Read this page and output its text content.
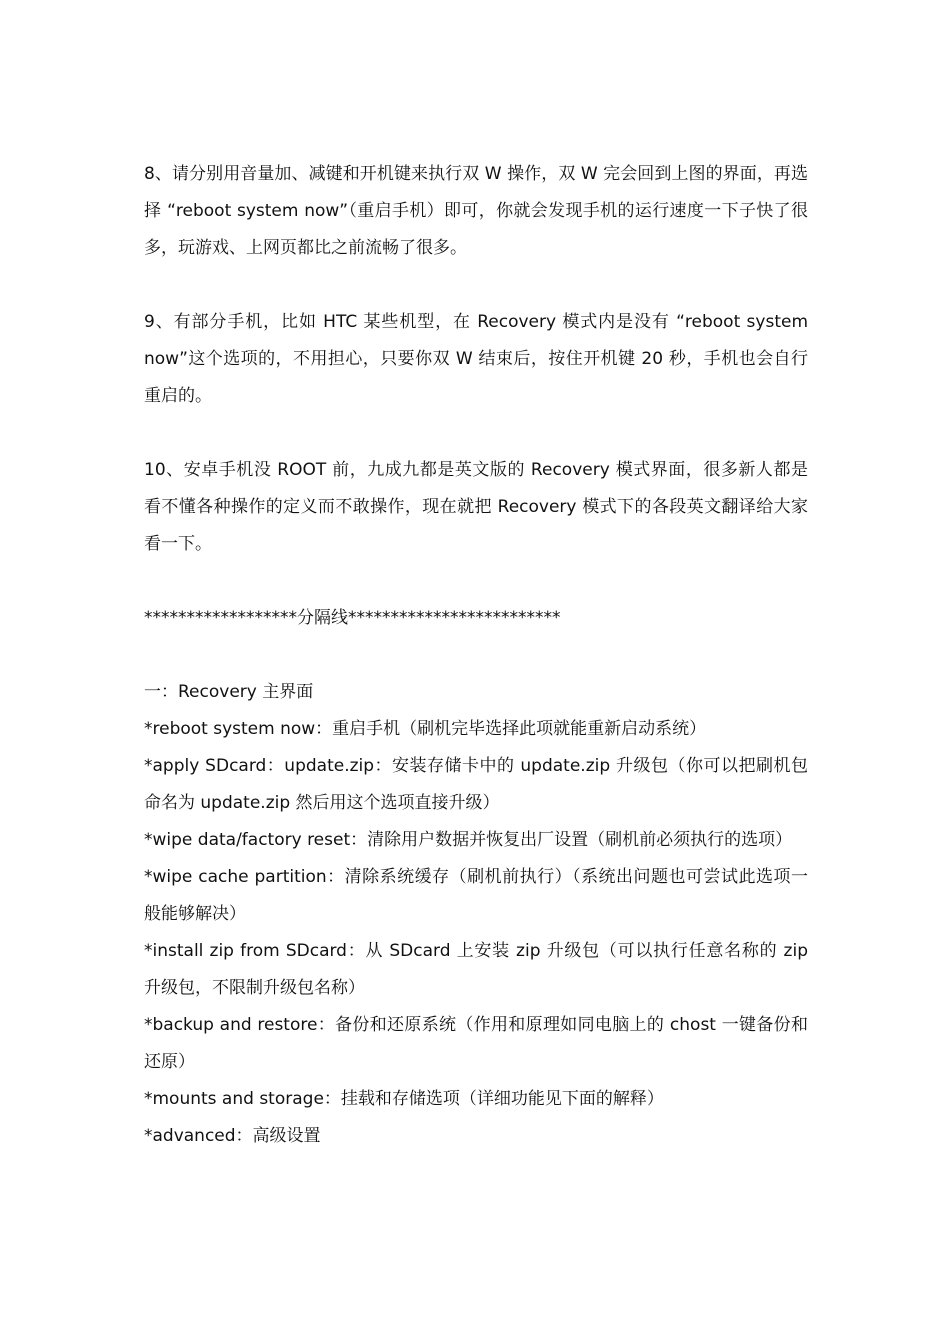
8、请分别用音量加、减键和开机键来执行双 W 操作，双 W 完会回到上图的界面，再选择 “reboot system now”（重启手机）即可，你就会发现手机的运行速度一下子快了很多，玩游戏、上网页都比之前流畅了很多。

9、有部分手机，比如 HTC 某些机型，在 Recovery 模式内是没有 “reboot system now”这个选项的，不用担心，只要你双 W 结束后，按住开机键 20 秒，手机也会自行重启的。

10、安卓手机没 ROOT 前，九成九都是英文版的 Recovery 模式界面，很多新人都是看不懂各种操作的定义而不敢操作，现在就把 Recovery 模式下的各段英文翻译给大家看一下。

******************分隔线*************************

一：Recovery 主界面

*reboot system now：重启手机（刷机完毕选择此项就能重新启动系统）

*apply SDcard：update.zip：安装存储卡中的 update.zip 升级包（你可以把刷机包命名为 update.zip 然后用这个选项直接升级）

*wipe data/factory reset：清除用户数据并恢复出厂设置（刷机前必须执行的选项）

*wipe cache partition：清除系统缓存（刷机前执行）（系统出问题也可尝试此选项一般能够解决）

*install zip from SDcard：从 SDcard 上安装 zip 升级包（可以执行任意名称的 zip 升级包，不限制升级包名称）

*backup and restore：备份和还原系统（作用和原理如同电脑上的 chost 一键备份和还原）

*mounts and storage：挂载和存储选项（详细功能见下面的解释）

*advanced：高级设置
